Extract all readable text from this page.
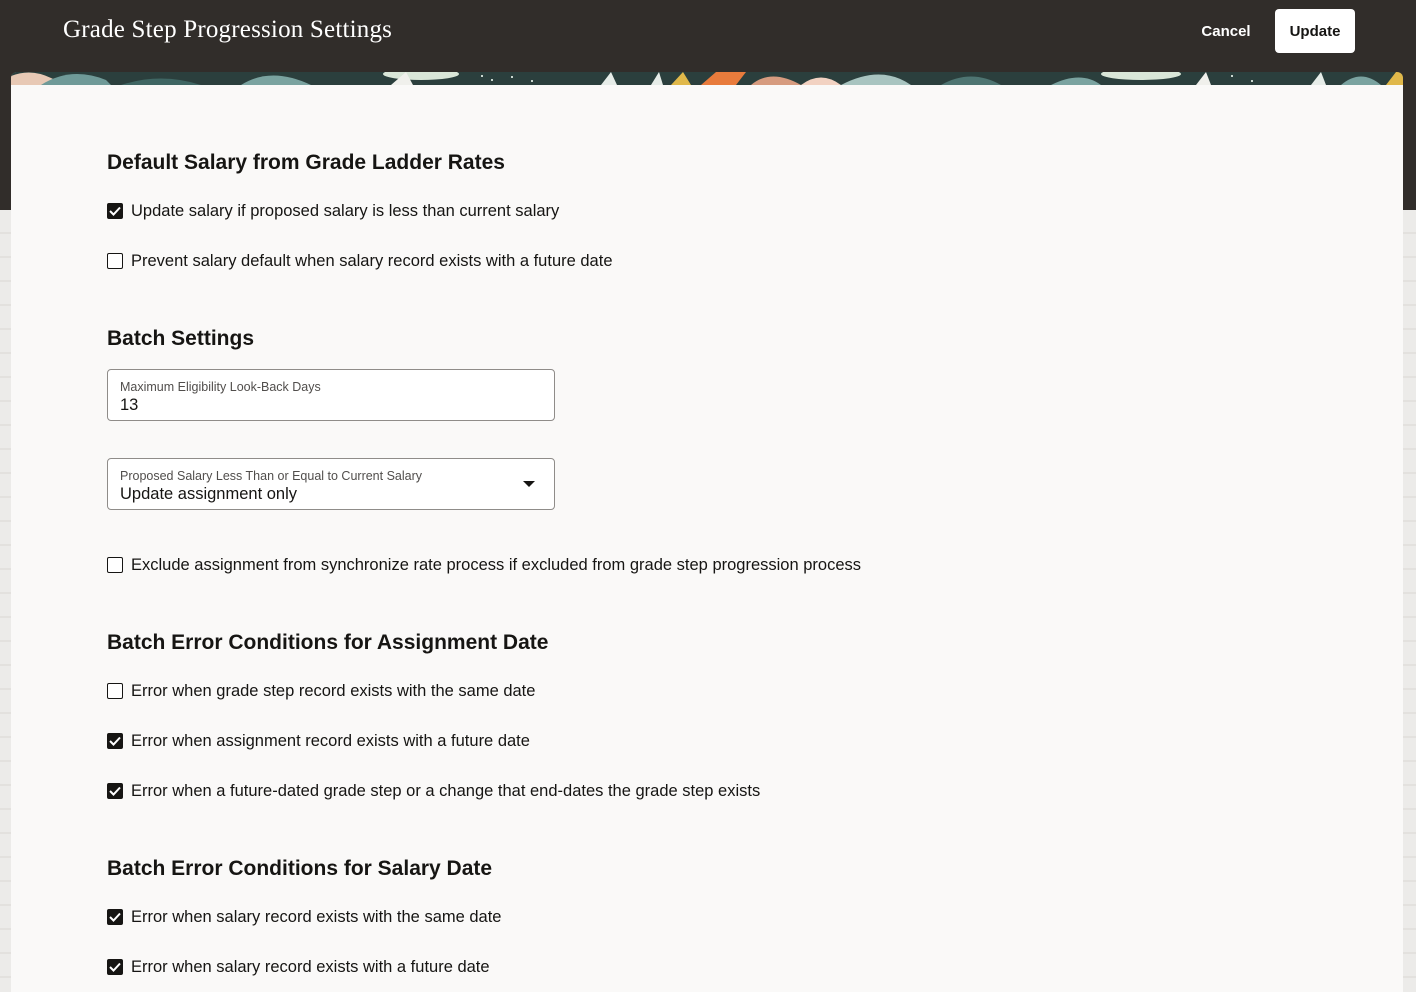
Grade Step Progression Settings	Cancel	Update
Default Salary from Grade Ladder Rates
Update salary if proposed salary is less than current salary
Prevent salary default when salary record exists with a future date
Batch Settings
Maximum Eligibility Look-Back Days
13
Proposed Salary Less Than or Equal to Current Salary
Update assignment only
Exclude assignment from synchronize rate process if excluded from grade step progression process
Batch Error Conditions for Assignment Date
Error when grade step record exists with the same date
Error when assignment record exists with a future date
Error when a future-dated grade step or a change that end-dates the grade step exists
Batch Error Conditions for Salary Date
Error when salary record exists with the same date
Error when salary record exists with a future date
